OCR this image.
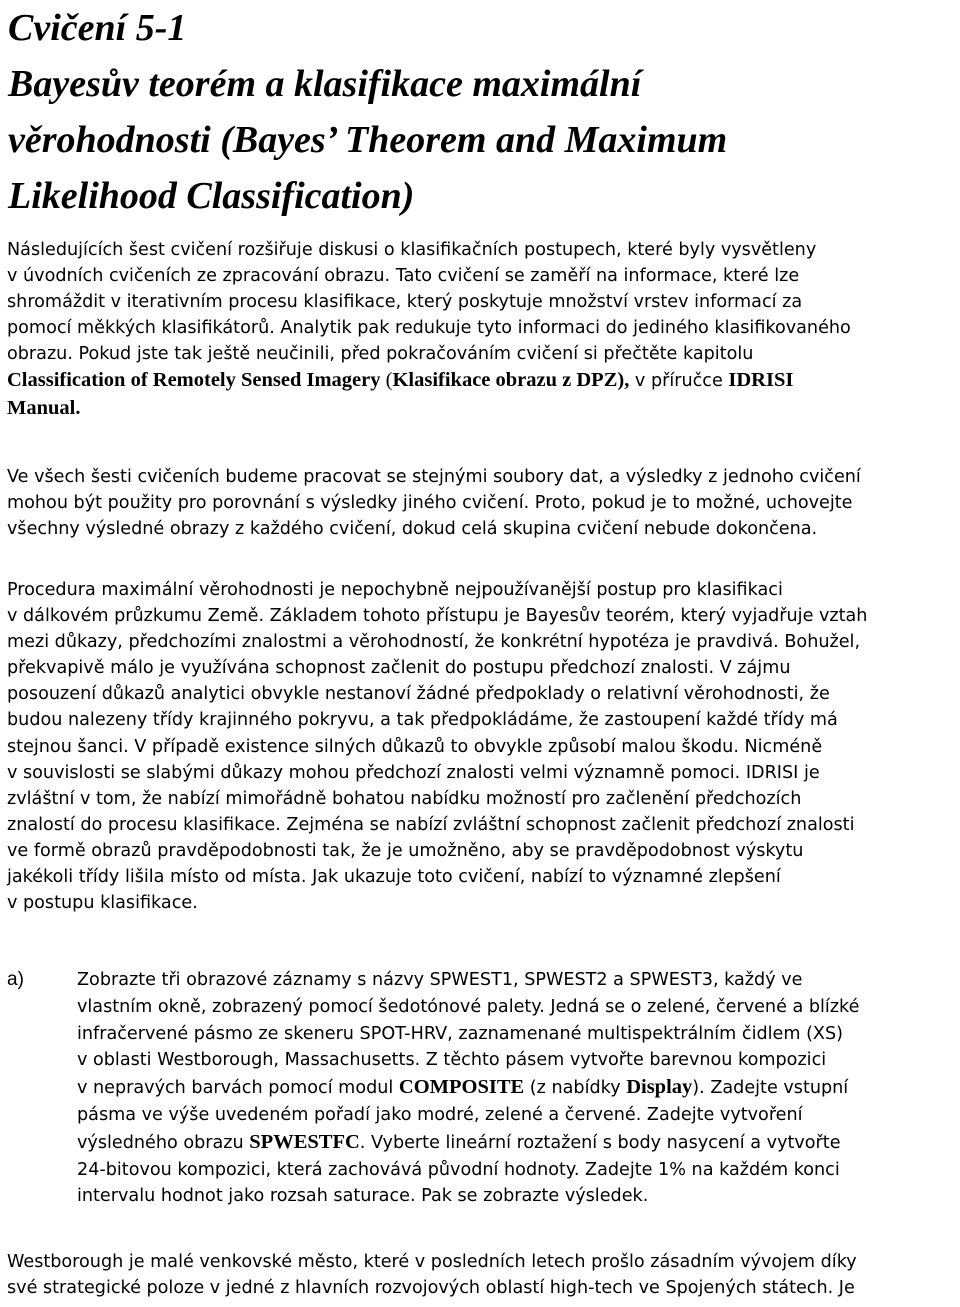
Cvičení 5-1
Bayesův teorém a klasifikace maximální
věrohodnosti (Bayes’ Theorem and Maximum
Likelihood Classification)
Následujících šest cvičení rozšiřuje diskusi o klasifikačních postupech, které byly vysvětleny
v úvodních cvičeních ze zpracování obrazu. Tato cvičení se zaměří na informace, které lze
shromáždit v iterativním procesu klasifikace, který poskytuje množství vrstev informací za
pomocí měkkých klasifikátorů. Analytik pak redukuje tyto informaci do jediného klasifikovaného
obrazu. Pokud jste tak ještě neučinili, před pokračováním cvičení si přečtěte kapitolu
Classification of Remotely Sensed Imagery (Klasifikace obrazu z DPZ), v příručce IDRISI
Manual.
Ve všech šesti cvičeních budeme pracovat se stejnými soubory dat, a výsledky z jednoho cvičení
mohou být použity pro porovnání s výsledky jiného cvičení. Proto, pokud je to možné, uchovejte
všechny výsledné obrazy z každého cvičení, dokud celá skupina cvičení nebude dokončena.
Procedura maximální věrohodnosti je nepochybně nejpoužívanější postup pro klasifikaci
v dálkovém průzkumu Země. Základem tohoto přístupu je Bayesův teorém, který vyjadřuje vztah
mezi důkazy, předchozími znalostmi a věrohodností, že konkrétní hypotéza je pravdivá. Bohužel,
překvapivě málo je využívána schopnost začlenit do postupu předchozí znalosti. V zájmu
posouzení důkazů analytici obvykle nestanoví žádné předpoklady o relativní věrohodnosti, že
budou nalezeny třídy krajinného pokryvu, a tak předpokládáme, že zastoupení každé třídy má
stejnou šanci. V případě existence silných důkazů to obvykle způsobí malou škodu. Nicméně
v souvislosti se slabými důkazy mohou předchozí znalosti velmi významně pomoci. IDRISI je
zvláštní v tom, že nabízí mimořádně bohatou nabídku možností pro začlenění předchozích
znalostí do procesu klasifikace. Zejména se nabízí zvláštní schopnost začlenit předchozí znalosti
ve formě obrazů pravděpodobnosti tak, že je umožněno, aby se pravděpodobnost výskytu
jakékoli třídy lišila místo od místa. Jak ukazuje toto cvičení, nabízí to významné zlepšení
v postupu klasifikace.
a)	Zobrazte tři obrazové záznamy s názvy SPWEST1, SPWEST2 a SPWEST3, každý ve
vlastním okně, zobrazený pomocí šedotónové palety. Jedná se o zelené, červené a blízké
infračervené pásmo ze skeneru SPOT-HRV, zaznamenané multispektrálním čidlem (XS)
v oblasti Westborough, Massachusetts. Z těchto pásem vytvořte barevnou kompozici
v nepravých barvách pomocí modul COMPOSITE (z nabídky Display). Zadejte vstupní
pásma ve výše uvedeném pořadí jako modré, zelené a červené. Zadejte vytvoření
výsledného obrazu SPWESTFC. Vyberte lineární roztažení s body nasycení a vytvořte
24-bitovou kompozici, která zachovává původní hodnoty. Zadejte 1% na každém konci
intervalu hodnot jako rozsah saturace. Pak se zobrazte výsledek.
Westborough je malé venkovské město, které v posledních letech prošlo zásadním vývojem díky
své strategické poloze v jedné z hlavních rozvojových oblastí high-tech ve Spojených státech. Je
